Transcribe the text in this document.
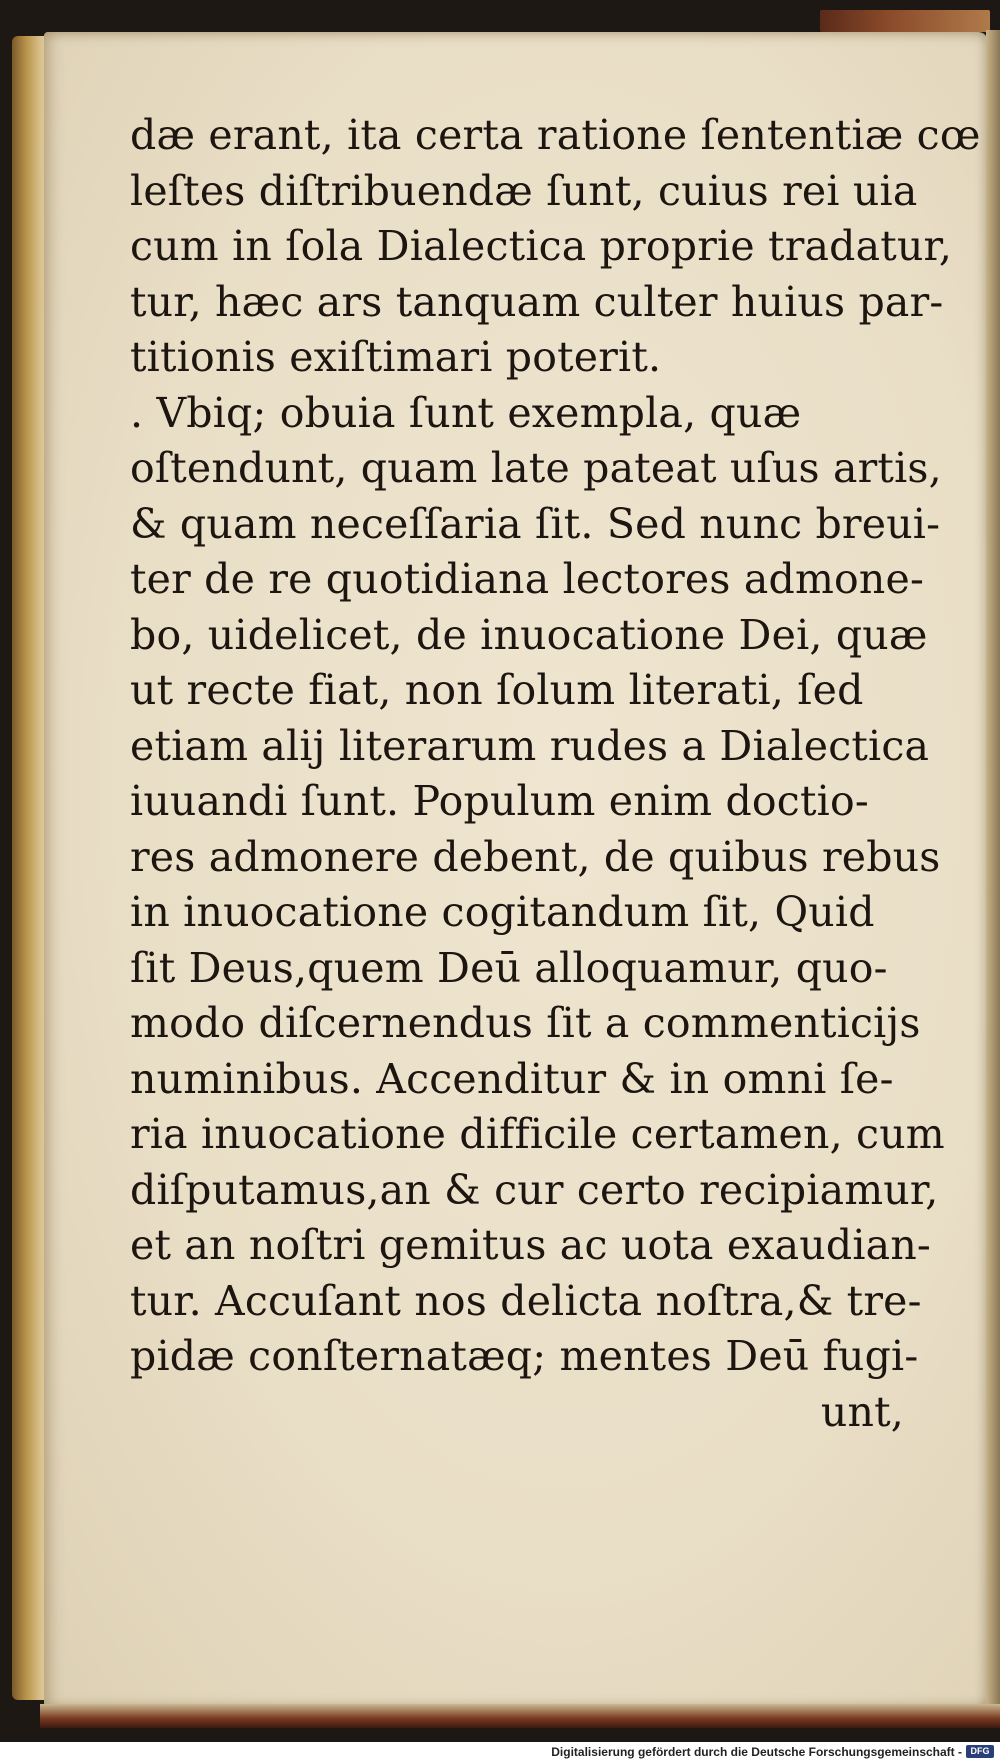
dæ erant, ita certa ratione ſententiæ cœ
leſtes diſtribuendæ ſunt, cuius rei uia
cum in ſola Dialectica proprie tradatur,
tur, hæc ars tanquam culter huius par-
titionis exiſtimari poterit.
. Vbiq; obuia ſunt exempla, quæ
oſtendunt, quam late pateat uſus artis,
& quam neceſſaria ſit. Sed nunc breui-
ter de re quotidiana lectores admone-
bo, uidelicet, de inuocatione Dei, quæ
ut recte fiat, non ſolum literati, ſed
etiam alij literarum rudes a Dialectica
iuuandi ſunt. Populum enim doctio-
res admonere debent, de quibus rebus
in inuocatione cogitandum ſit, Quid
ſit Deus,quem Deū alloquamur, quo-
modo diſcernendus ſit a commenticijs
numinibus. Accenditur & in omni ſe-
ria inuocatione difficile certamen, cum
diſputamus,an & cur certo recipiamur,
et an noſtri gemitus ac uota exaudian-
tur. Accuſant nos delicta noſtra,& tre-
pidæ conſternatæq; mentes Deū fugi-
unt,
Digitalisierung gefördert durch die Deutsche Forschungsgemeinschaft - DFG
